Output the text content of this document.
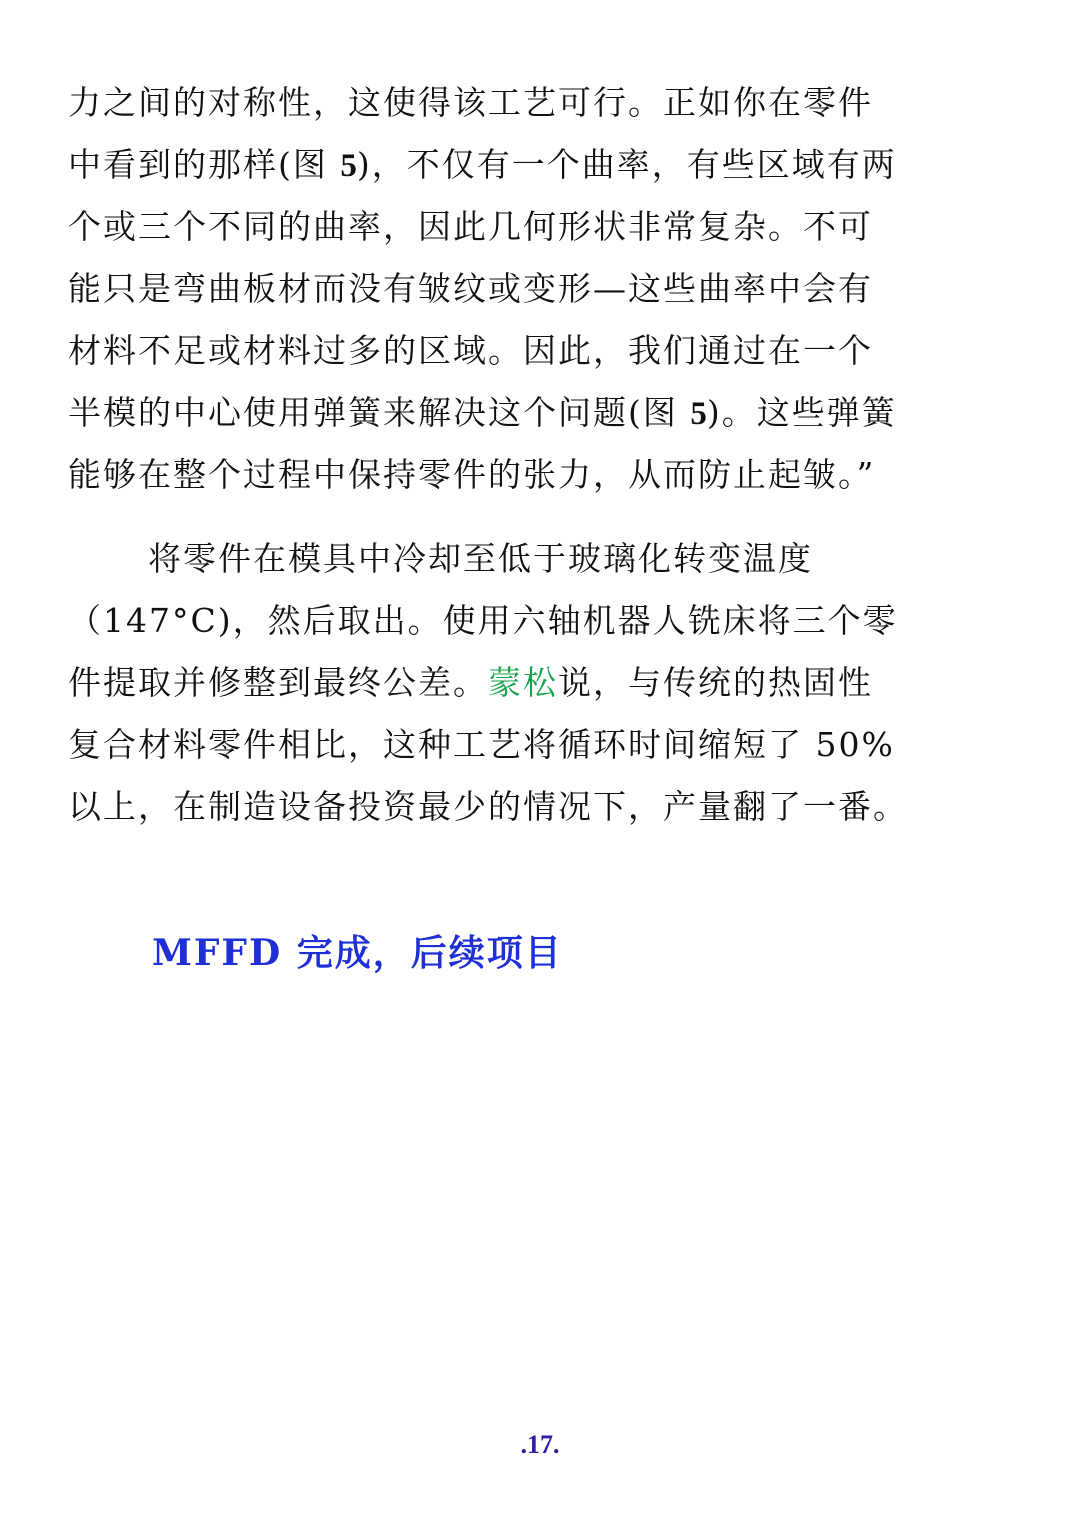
力之间的对称性，这使得该工艺可行。正如你在零件
中看到的那样(图 5)，不仅有一个曲率，有些区域有两
个或三个不同的曲率，因此几何形状非常复杂。不可
能只是弯曲板材而没有皱纹或变形—这些曲率中会有
材料不足或材料过多的区域。因此，我们通过在一个
半模的中心使用弹簧来解决这个问题(图 5)。这些弹簧
能够在整个过程中保持零件的张力，从而防止起皱。”
将零件在模具中冷却至低于玻璃化转变温度
（147°C)，然后取出。使用六轴机器人铣床将三个零
件提取并修整到最终公差。蒙松说，与传统的热固性
复合材料零件相比，这种工艺将循环时间缩短了 50%
以上，在制造设备投资最少的情况下，产量翻了一番。
MFFD 完成，后续项目

.17.
